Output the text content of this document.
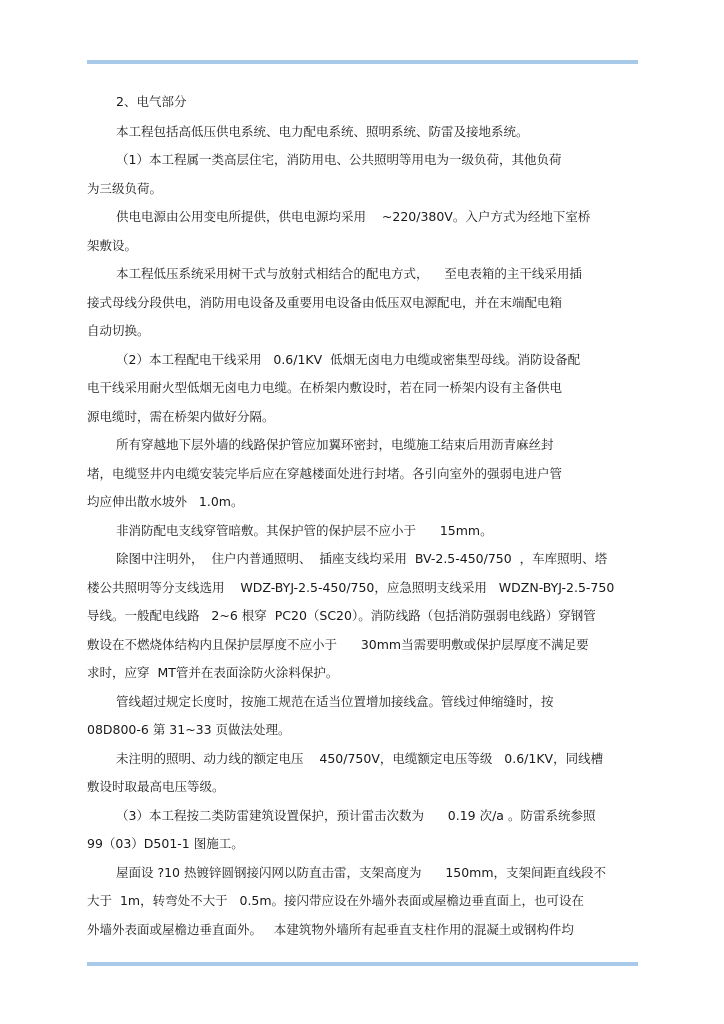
2、电气部分
本工程包括高低压供电系统、电力配电系统、照明系统、防雷及接地系统。
（1）本工程属一类高层住宅，消防用电、公共照明等用电为一级负荷，其他负荷
为三级负荷。
供电电源由公用变电所提供，供电电源均采用    ~220/380V。入户方式为经地下室桥
架敷设。
本工程低压系统采用树干式与放射式相结合的配电方式，    至电表箱的主干线采用插
接式母线分段供电，消防用电设备及重要用电设备由低压双电源配电，并在末端配电箱
自动切换。
（2）本工程配电干线采用   0.6/1KV  低烟无卤电力电缆或密集型母线。消防设备配
电干线采用耐火型低烟无卤电力电缆。在桥架内敷设时，若在同一桥架内设有主备供电
源电缆时，需在桥架内做好分隔。
所有穿越地下层外墙的线路保护管应加翼环密封，电缆施工结束后用沥青麻丝封
堵，电缆竖井内电缆安装完毕后应在穿越楼面处进行封堵。各引向室外的强弱电进户管
均应伸出散水坡外   1.0m。
非消防配电支线穿管暗敷。其保护管的保护层不应小于      15mm。
除图中注明外，  住户内普通照明、  插座支线均采用  BV-2.5-450/750  ，车库照明、塔
楼公共照明等分支线选用    WDZ-BYJ-2.5-450/750，应急照明支线采用   WDZN-BYJ-2.5-750
导线。一般配电线路   2~6 根穿  PC20（SC20）。消防线路（包括消防强弱电线路）穿钢管
敷设在不燃烧体结构内且保护层厚度不应小于      30mm当需要明敷或保护层厚度不满足要
求时，应穿  MT管并在表面涂防火涂料保护。
管线超过规定长度时，按施工规范在适当位置增加接线盒。管线过伸缩缝时，按
08D800-6 第 31~33 页做法处理。
未注明的照明、动力线的额定电压    450/750V，电缆额定电压等级   0.6/1KV，同线槽
敷设时取最高电压等级。
（3）本工程按二类防雷建筑设置保护，预计雷击次数为      0.19 次/a 。防雷系统参照
99（03）D501-1 图施工。
屋面设 ?10 热镀锌圆钢接闪网以防直击雷，支架高度为      150mm，支架间距直线段不
大于  1m，转弯处不大于   0.5m。接闪带应设在外墙外表面或屋檐边垂直面上，也可设在
外墙外表面或屋檐边垂直面外。   本建筑物外墙所有起垂直支柱作用的混凝土或钢构件均
